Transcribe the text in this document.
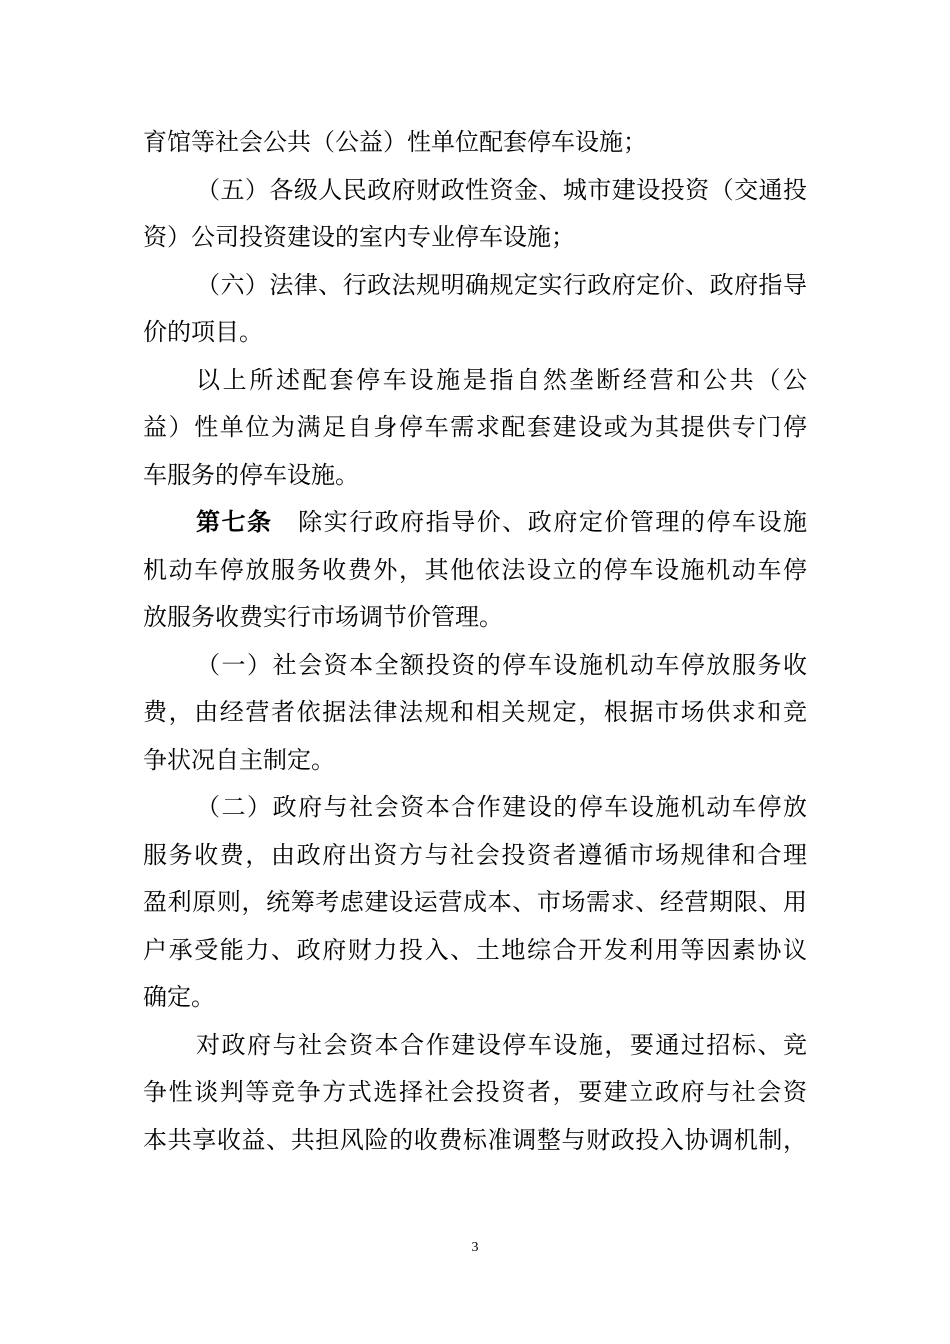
育馆等社会公共（公益）性单位配套停车设施；
（五）各级人民政府财政性资金、城市建设投资（交通投
资）公司投资建设的室内专业停车设施；
（六）法律、行政法规明确规定实行政府定价、政府指导
价的项目。
以上所述配套停车设施是指自然垄断经营和公共（公
益）性单位为满足自身停车需求配套建设或为其提供专门停
车服务的停车设施。
第七条 除实行政府指导价、政府定价管理的停车设施
机动车停放服务收费外，其他依法设立的停车设施机动车停
放服务收费实行市场调节价管理。
（一）社会资本全额投资的停车设施机动车停放服务收
费，由经营者依据法律法规和相关规定，根据市场供求和竞
争状况自主制定。
（二）政府与社会资本合作建设的停车设施机动车停放
服务收费，由政府出资方与社会投资者遵循市场规律和合理
盈利原则，统筹考虑建设运营成本、市场需求、经营期限、用
户承受能力、政府财力投入、土地综合开发利用等因素协议
确定。
对政府与社会资本合作建设停车设施，要通过招标、竞
争性谈判等竞争方式选择社会投资者，要建立政府与社会资
本共享收益、共担风险的收费标准调整与财政投入协调机制，
3
